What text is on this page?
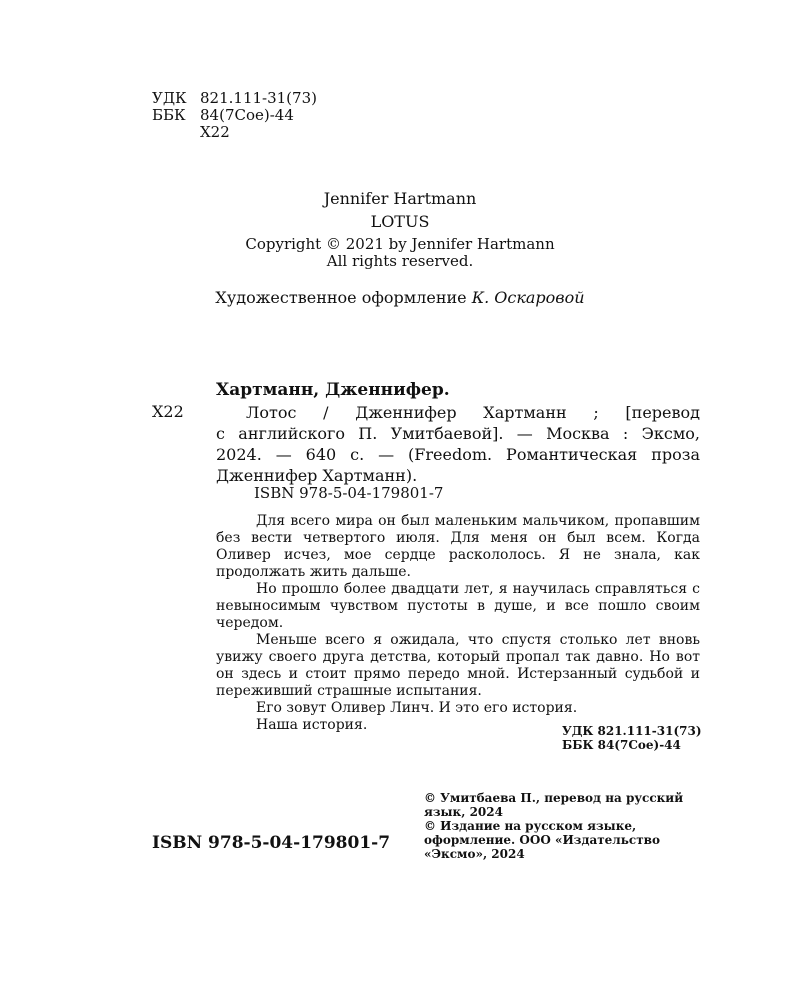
УДК 821.111-31(73)
ББК 84(7Сое)-44
Х22
Jennifer Hartmann
LOTUS
Copyright © 2021 by Jennifer Hartmann
All rights reserved.
Художественное оформление К. Оскаровой
Хартманн, Дженнифер.
Х22	Лотос / Дженнифер Хартманн ; [перевод
с английского П. Умитбаевой]. — Москва : Эксмо,
2024. — 640 с. — (Freedom. Романтическая проза
Дженнифер Хартманн).
ISBN 978-5-04-179801-7

Для всего мира он был маленьким мальчиком, пропавшим без вести четвертого июля. Для меня он был всем. Когда Оливер исчез, мое сердце раскололось. Я не знала, как продолжать жить дальше.

Но прошло более двадцати лет, я научилась справляться с невыносимым чувством пустоты в душе, и все пошло своим чередом.

Меньше всего я ожидала, что спустя столько лет вновь увижу своего друга детства, который пропал так давно. Но вот он здесь и стоит прямо передо мной. Истерзанный судьбой и переживший страшные испытания.

Его зовут Оливер Линч. И это его история.

Наша история.	УДК 821.111-31(73)
ББК 84(7Сое)-44
ISBN 978-5-04-179801-7
© Умитбаева П., перевод на русский язык, 2024
© Издание на русском языке, оформление. ООО «Издательство «Эксмо», 2024
